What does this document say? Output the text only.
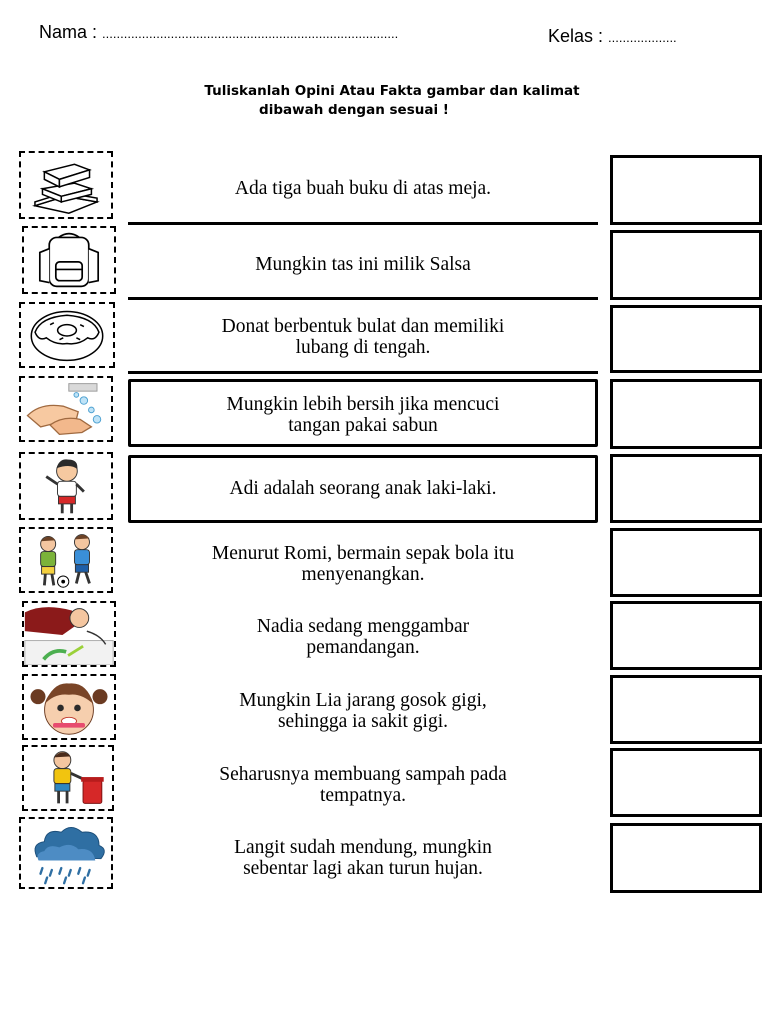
Nama : ..................................................................................	Kelas : ...................
Tuliskanlah Opini Atau Fakta gambar dan kalimat
dibawah dengan sesuai !
Ada tiga buah buku di atas meja.
Mungkin tas ini milik Salsa
Donat berbentuk bulat dan memiliki
lubang di tengah.
Mungkin lebih bersih jika mencuci
tangan pakai sabun
Adi adalah seorang anak laki-laki.
Menurut Romi, bermain sepak bola itu
menyenangkan.
Nadia sedang menggambar
pemandangan.
Mungkin Lia jarang gosok gigi,
sehingga ia sakit gigi.
Seharusnya membuang sampah pada
tempatnya.
Langit sudah mendung, mungkin
sebentar lagi akan turun hujan.
